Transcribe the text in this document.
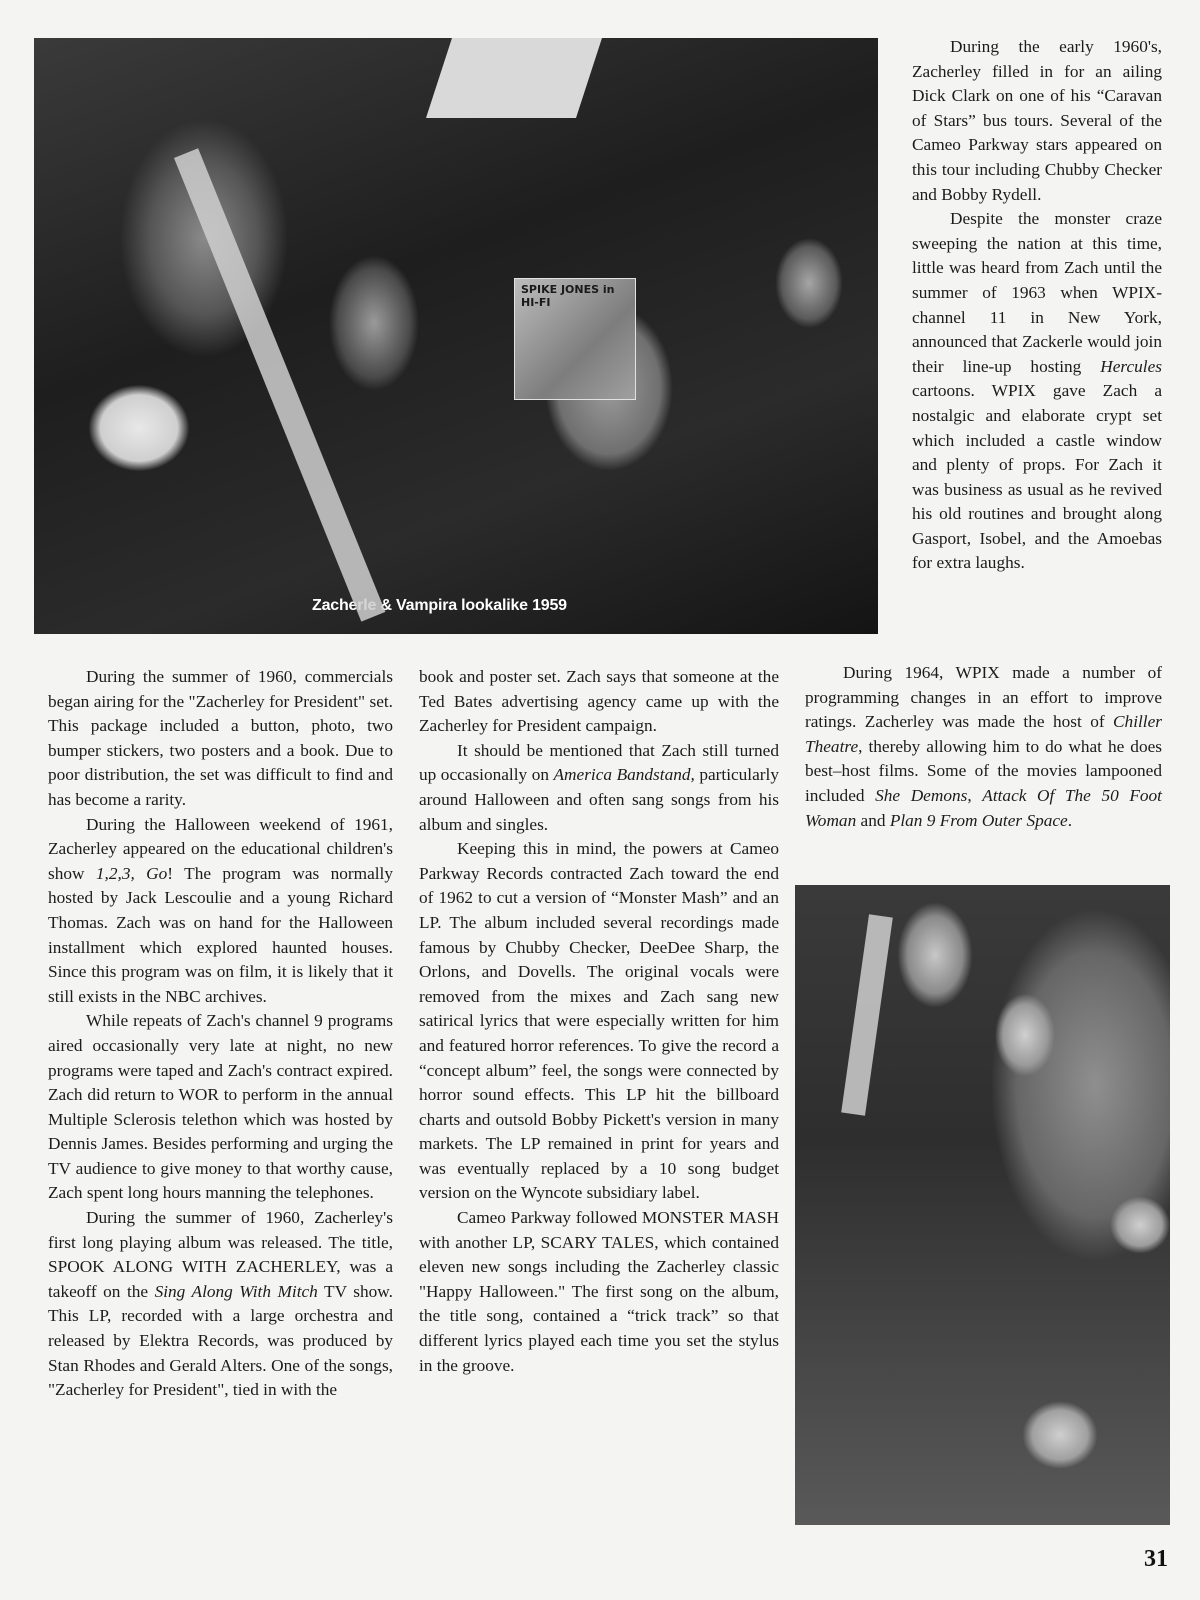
SPIKE JONES in HI-FI
Zacherle & Vampira lookalike 1959

During the early 1960's, Zacherley filled in for an ailing Dick Clark on one of his “Caravan of Stars” bus tours. Several of the Cameo Parkway stars appeared on this tour including Chubby Checker and Bobby Rydell.

Despite the monster craze sweeping the nation at this time, little was heard from Zach until the summer of 1963 when WPIX-channel 11 in New York, announced that Zackerle would join their line-up hosting Hercules cartoons. WPIX gave Zach a nostalgic and elaborate crypt set which included a castle window and plenty of props. For Zach it was business as usual as he revived his old routines and brought along Gasport, Isobel, and the Amoebas for extra laughs.

During the summer of 1960, commercials began airing for the "Zacherley for President" set. This package included a button, photo, two bumper stickers, two posters and a book. Due to poor distribution, the set was difficult to find and has become a rarity.

During the Halloween weekend of 1961, Zacherley appeared on the educational children's show 1,2,3, Go! The program was normally hosted by Jack Lescoulie and a young Richard Thomas. Zach was on hand for the Halloween installment which explored haunted houses. Since this program was on film, it is likely that it still exists in the NBC archives.

While repeats of Zach's channel 9 programs aired occasionally very late at night, no new programs were taped and Zach's contract expired. Zach did return to WOR to perform in the annual Multiple Sclerosis telethon which was hosted by Dennis James. Besides performing and urging the TV audience to give money to that worthy cause, Zach spent long hours manning the telephones.

During the summer of 1960, Zacherley's first long playing album was released. The title, SPOOK ALONG WITH ZACHERLEY, was a takeoff on the Sing Along With Mitch TV show. This LP, recorded with a large orchestra and released by Elektra Records, was produced by Stan Rhodes and Gerald Alters. One of the songs, "Zacherley for President", tied in with the

book and poster set. Zach says that someone at the Ted Bates advertising agency came up with the Zacherley for President campaign.

It should be mentioned that Zach still turned up occasionally on America Bandstand, particularly around Halloween and often sang songs from his album and singles.

Keeping this in mind, the powers at Cameo Parkway Records contracted Zach toward the end of 1962 to cut a version of “Monster Mash” and an LP. The album included several recordings made famous by Chubby Checker, DeeDee Sharp, the Orlons, and Dovells. The original vocals were removed from the mixes and Zach sang new satirical lyrics that were especially written for him and featured horror references. To give the record a “concept album” feel, the songs were connected by horror sound effects. This LP hit the billboard charts and outsold Bobby Pickett's version in many markets. The LP remained in print for years and was eventually replaced by a 10 song budget version on the Wyncote subsidiary label.

Cameo Parkway followed MONSTER MASH with another LP, SCARY TALES, which contained eleven new songs including the Zacherley classic "Happy Halloween." The first song on the album, the title song, contained a “trick track” so that different lyrics played each time you set the stylus in the groove.

During 1964, WPIX made a number of programming changes in an effort to improve ratings. Zacherley was made the host of Chiller Theatre, thereby allowing him to do what he does best–host films. Some of the movies lampooned included She Demons, Attack Of The 50 Foot Woman and Plan 9 From Outer Space.

31
